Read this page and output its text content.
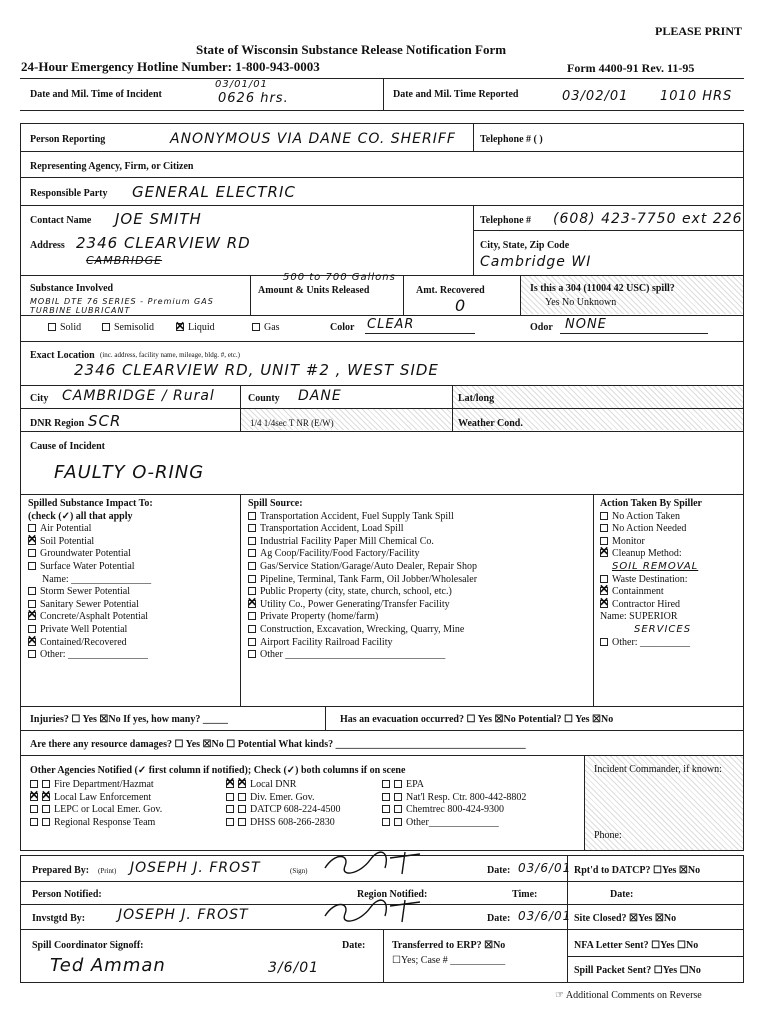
PLEASE PRINT
State of Wisconsin Substance Release Notification Form
24-Hour Emergency Hotline Number: 1-800-943-0003	Form 4400-91 Rev. 11-95
Date and Mil. Time of Incident
03/01/01
0626 hrs.	Date and Mil. Time Reported	03/02/01 1010 HRS
Person Reporting	ANONYMOUS VIA DANE CO. SHERIFF Telephone # ( )
Representing Agency, Firm, or Citizen
Responsible Party GENERAL ELECTRIC
Contact Name JOE SMITH	Telephone # (608) 423-7750 ext 226
Address 2346 CLEARVIEW RD
CAMBRIDGE
City, State, Zip Code
Cambridge WI
Substance Involved
MOBIL DTE 76 SERIES - Premium GAS TURBINE LUBRICANT
500 to 700 Gallons
Amount & Units Released	Amt. Recovered
0
Is this a 304 (11004 42 USC) spill?
Yes No Unknown
Solid	Semisolid
✕	Liquid	Gas	Color CLEAR	Odor NONE
Exact Location (inc. address, facility name, mileage, bldg. #, etc.)
2346 CLEARVIEW RD, UNIT #2 , WEST SIDE
City CAMBRIDGE / Rural	County DANE	Lat/long
DNR Region SCR	1/4 1/4sec T NR (E/W)	Weather Cond.
Cause of Incident
FAULTY O-RING
Spilled Substance Impact To:
(check (✓) all that apply
Air Potential
✕Soil Potential
Groundwater Potential
Surface Water Potential
Name: ________________
Storm Sewer Potential
Sanitary Sewer Potential
✕Concrete/Asphalt Potential
Private Well Potential
✕Contained/Recovered
Other: ________________
Spill Source:
Transportation Accident, Fuel Supply Tank Spill
Transportation Accident, Load Spill
Industrial Facility Paper Mill Chemical Co.
Ag Coop/Facility/Food Factory/Facility
Gas/Service Station/Garage/Auto Dealer, Repair Shop
Pipeline, Terminal, Tank Farm, Oil Jobber/Wholesaler
Public Property (city, state, church, school, etc.)
✕Utility Co., Power Generating/Transfer Facility
Private Property (home/farm)
Construction, Excavation, Wrecking, Quarry, Mine
Airport Facility Railroad Facility
Other ________________________________
Action Taken By Spiller
No Action Taken
No Action Needed
Monitor
✕Cleanup Method:
SOIL REMOVAL
Waste Destination:
✕Containment
✕Contractor Hired
Name: SUPERIOR
SERVICES
Other: __________
Injuries? ☐ Yes ☒No If yes, how many? _____	Has an evacuation occurred? ☐ Yes ☒No Potential? ☐ Yes ☒No
Are there any resource damages? ☐ Yes ☒No ☐ Potential What kinds? ______________________________________
Other Agencies Notified (✓ first column if notified); Check (✓) both columns if on scene
Fire Department/Hazmat
✕✕Local Law Enforcement
LEPC or Local Emer. Gov.
Regional Response Team
✕✕Local DNR
Div. Emer. Gov.
DATCP 608-224-4500
DHSS 608-266-2830
EPA
Nat'l Resp. Ctr. 800-442-8802
Chemtrec 800-424-9300
Other______________
Incident Commander, if known:
Phone:
Prepared By: (Print) JOSEPH J. FROST	(Sign)	Date: 03/6/01 Rpt'd to DATCP? ☐Yes ☒No
Person Notified:	Region Notified:	Time:	Date:
Invstgtd By: JOSEPH J. FROST	Date: 03/6/01 Site Closed? ☒Yes ☒No
Spill Coordinator Signoff:
Ted Amman	3/6/01
Date:	Transferred to ERP? ☒No
☐Yes; Case # ___________
NFA Letter Sent? ☐Yes ☐No
Spill Packet Sent? ☐Yes ☐No
☞ Additional Comments on Reverse
